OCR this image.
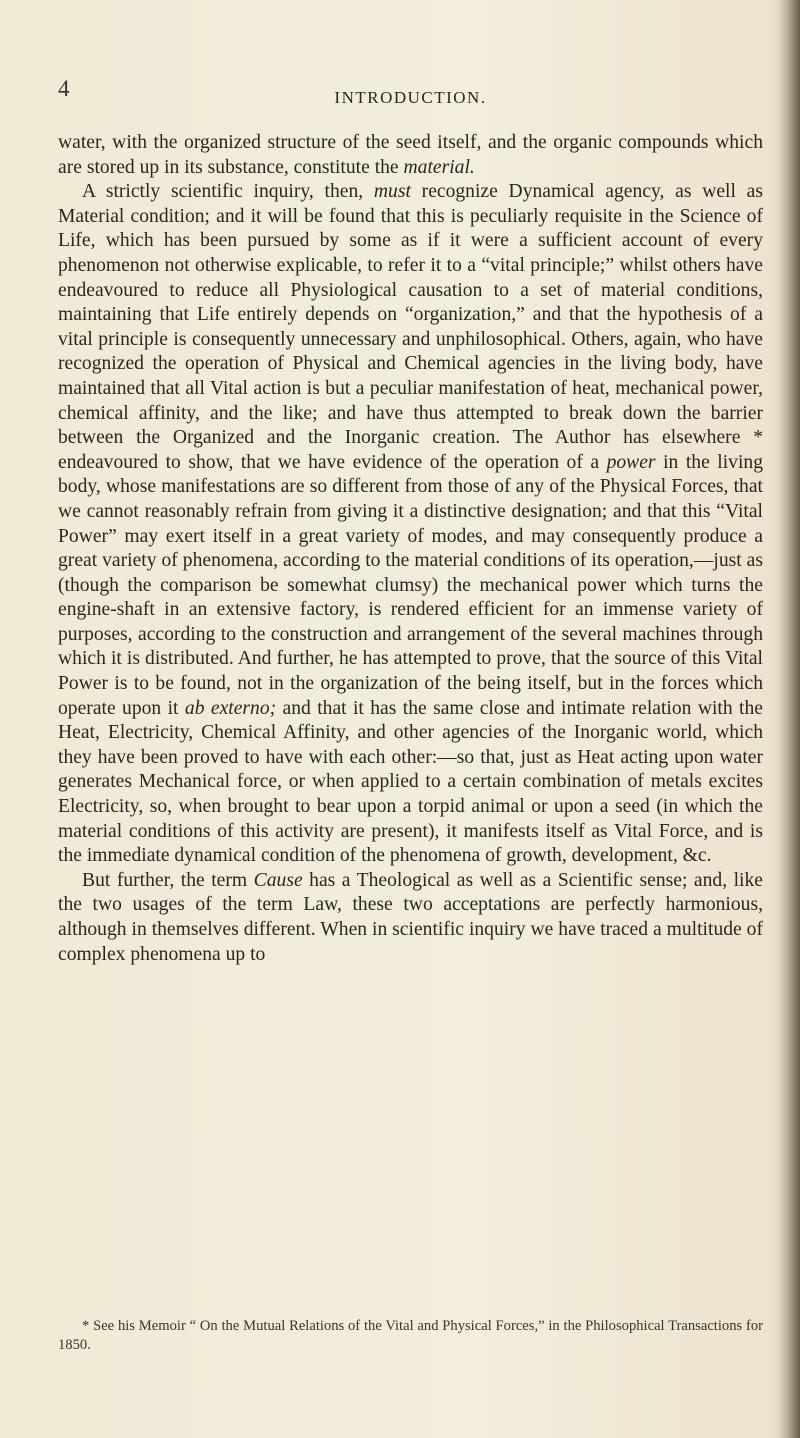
4	INTRODUCTION.

water, with the organized structure of the seed itself, and the organic compounds which are stored up in its substance, constitute the material.

A strictly scientific inquiry, then, must recognize Dynamical agency, as well as Material condition; and it will be found that this is peculiarly requisite in the Science of Life, which has been pursued by some as if it were a sufficient account of every phenomenon not otherwise explicable, to refer it to a “vital principle;” whilst others have endeavoured to reduce all Physiological causation to a set of material conditions, maintaining that Life entirely depends on “organization,” and that the hypothesis of a vital principle is consequently unnecessary and unphilosophical. Others, again, who have recognized the operation of Physical and Chemical agencies in the living body, have maintained that all Vital action is but a peculiar manifestation of heat, mechanical power, chemical affinity, and the like; and have thus attempted to break down the barrier between the Organized and the Inorganic creation. The Author has elsewhere * endeavoured to show, that we have evidence of the operation of a power in the living body, whose manifestations are so different from those of any of the Physical Forces, that we cannot reasonably refrain from giving it a distinctive designation; and that this “Vital Power” may exert itself in a great variety of modes, and may consequently produce a great variety of phenomena, according to the material conditions of its operation,—just as (though the comparison be somewhat clumsy) the mechanical power which turns the engine-shaft in an extensive factory, is rendered efficient for an immense variety of purposes, according to the construction and arrangement of the several machines through which it is distributed. And further, he has attempted to prove, that the source of this Vital Power is to be found, not in the organization of the being itself, but in the forces which operate upon it ab externo; and that it has the same close and intimate relation with the Heat, Electricity, Chemical Affinity, and other agencies of the Inorganic world, which they have been proved to have with each other:—so that, just as Heat acting upon water generates Mechanical force, or when applied to a certain combination of metals excites Electricity, so, when brought to bear upon a torpid animal or upon a seed (in which the material conditions of this activity are present), it manifests itself as Vital Force, and is the immediate dynamical condition of the phenomena of growth, development, &c.

But further, the term Cause has a Theological as well as a Scientific sense; and, like the two usages of the term Law, these two acceptations are perfectly harmonious, although in themselves different. When in scientific inquiry we have traced a multitude of complex phenomena up to

* See his Memoir “ On the Mutual Relations of the Vital and Physical Forces,” in the Philosophical Transactions for 1850.
